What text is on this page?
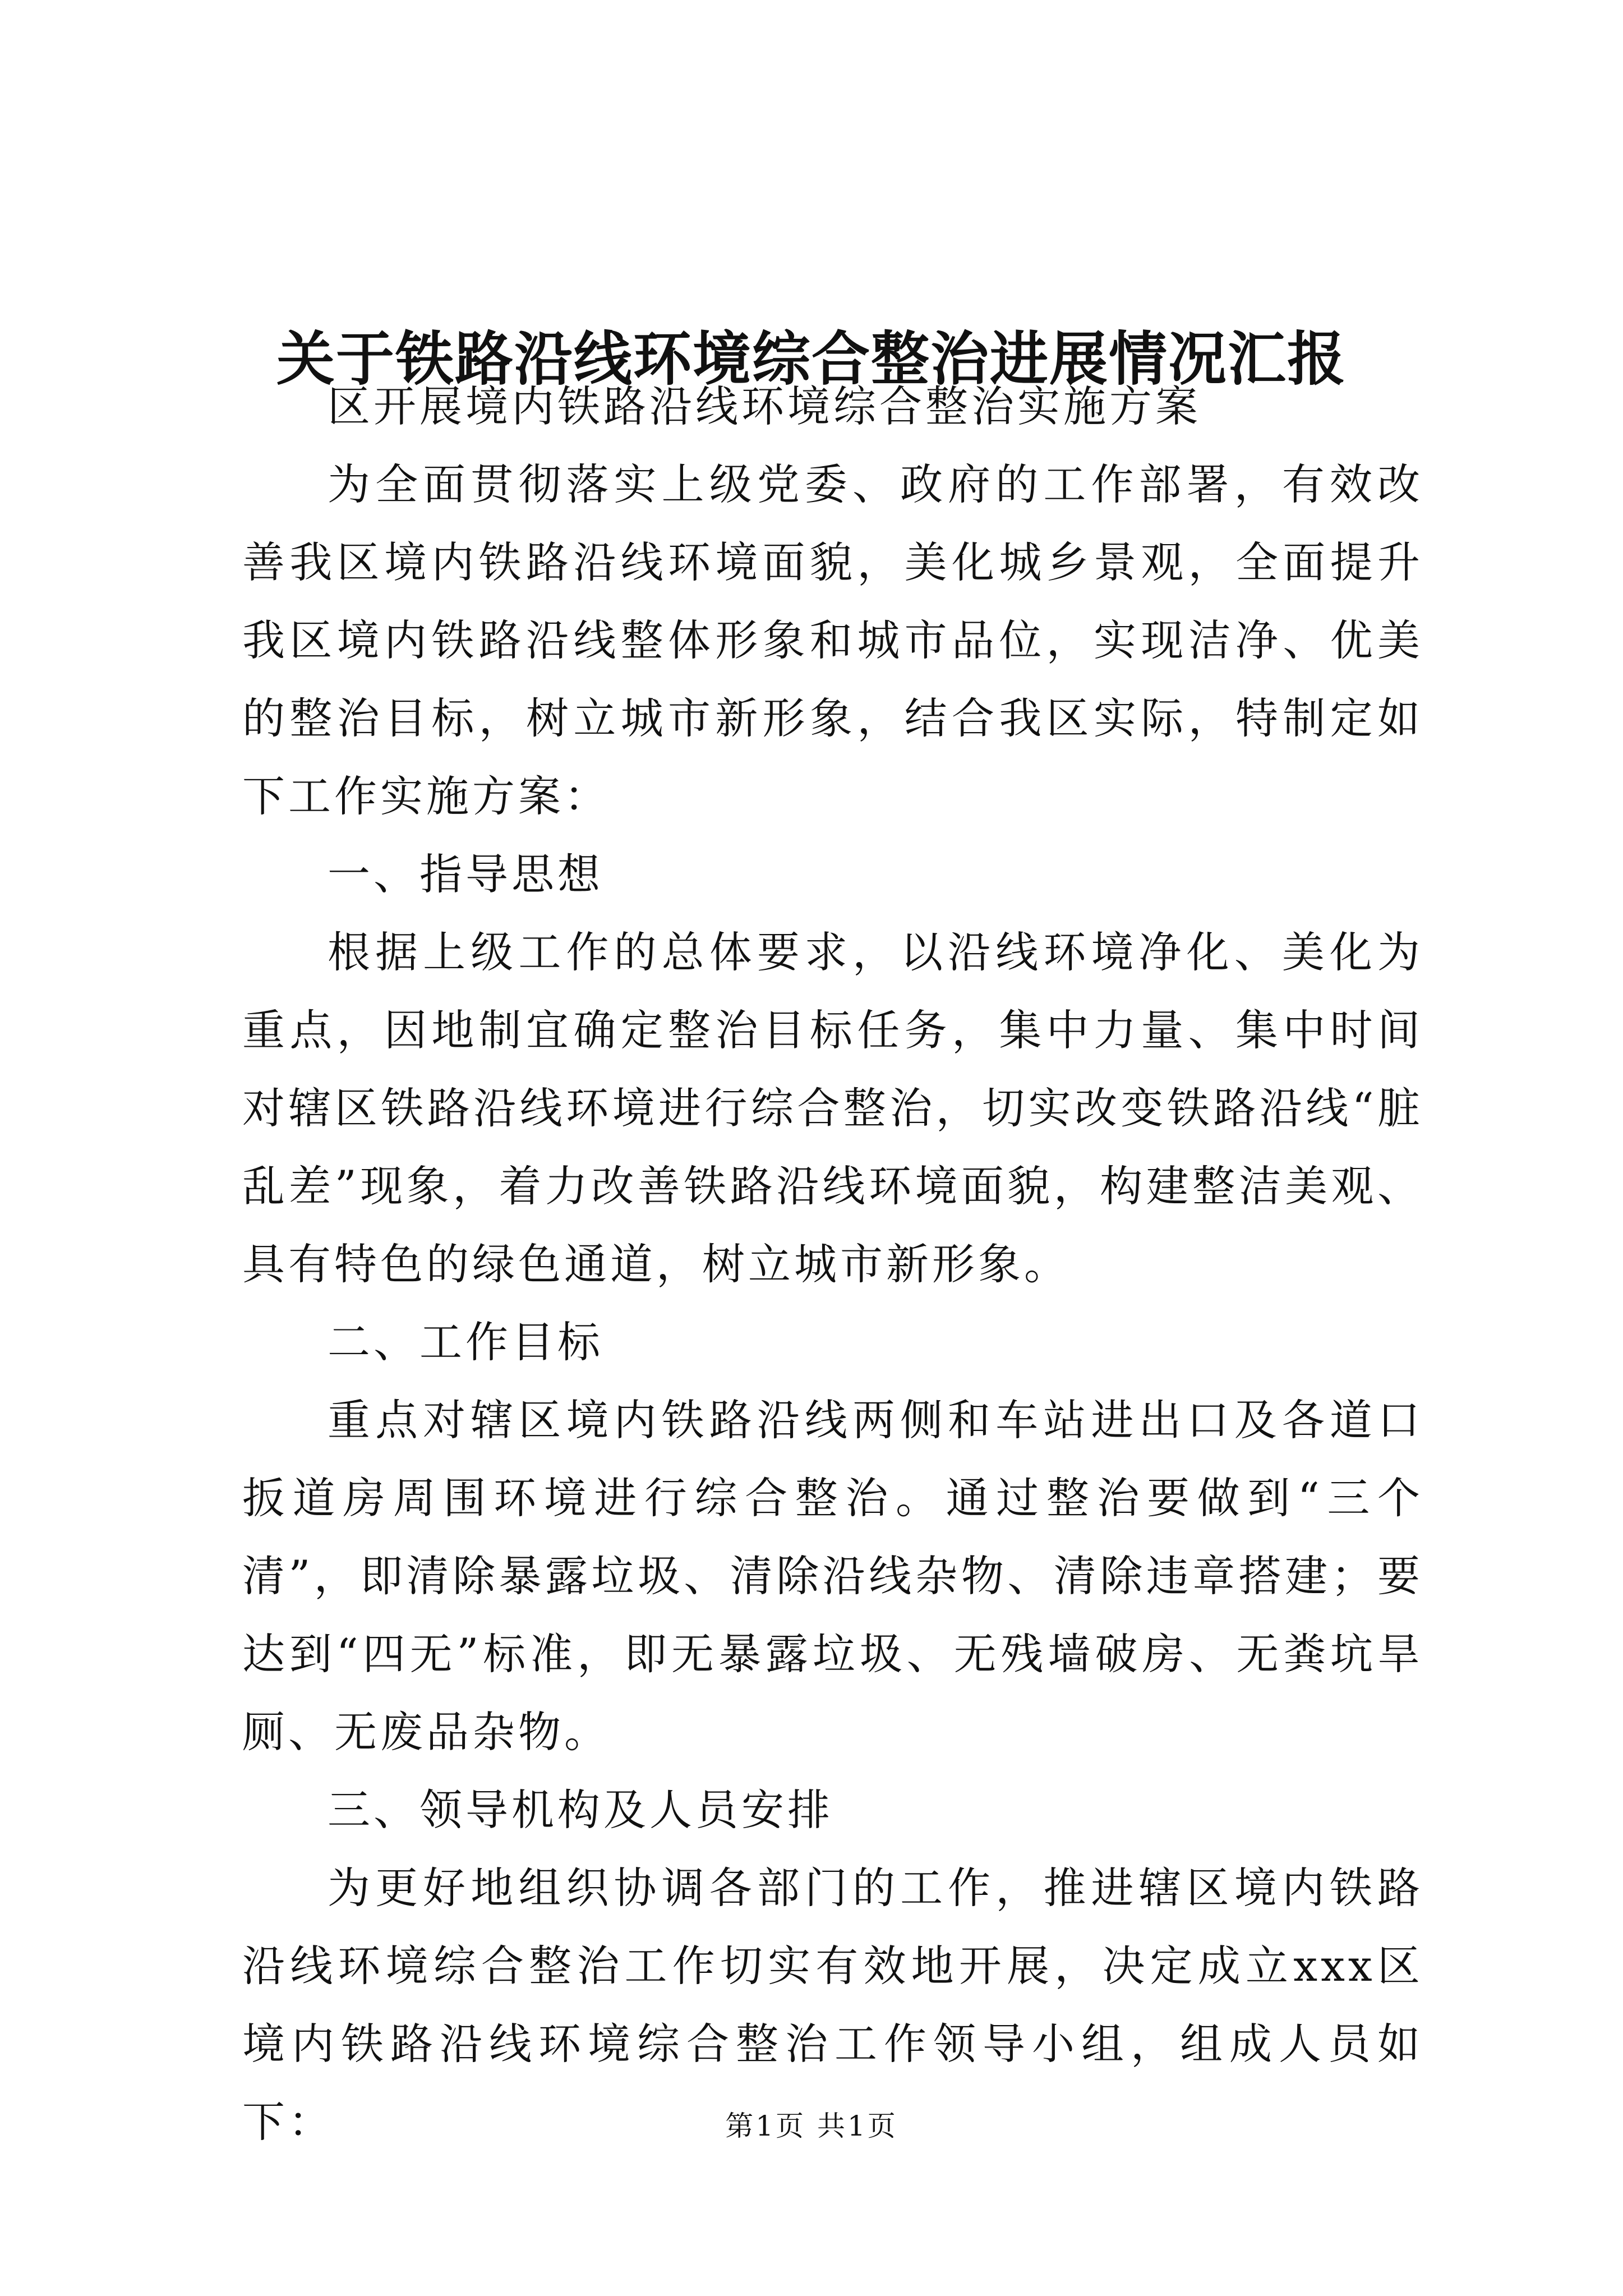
关于铁路沿线环境综合整治进展情况汇报

区开展境内铁路沿线环境综合整治实施方案

为全面贯彻落实上级党委、政府的工作部署，有效改善我区境内铁路沿线环境面貌，美化城乡景观，全面提升我区境内铁路沿线整体形象和城市品位，实现洁净、优美的整治目标，树立城市新形象，结合我区实际，特制定如下工作实施方案：

一、指导思想

根据上级工作的总体要求，以沿线环境净化、美化为重点，因地制宜确定整治目标任务，集中力量、集中时间对辖区铁路沿线环境进行综合整治，切实改变铁路沿线“脏乱差”现象，着力改善铁路沿线环境面貌，构建整洁美观、具有特色的绿色通道，树立城市新形象。

二、工作目标

重点对辖区境内铁路沿线两侧和车站进出口及各道口扳道房周围环境进行综合整治。通过整治要做到“三个清”，即清除暴露垃圾、清除沿线杂物、清除违章搭建；要达到“四无”标准，即无暴露垃圾、无残墙破房、无粪坑旱厕、无废品杂物。

三、领导机构及人员安排

为更好地组织协调各部门的工作，推进辖区境内铁路沿线环境综合整治工作切实有效地开展，决定成立xxx区境内铁路沿线环境综合整治工作领导小组，组成人员如下：	第1页 共1页
